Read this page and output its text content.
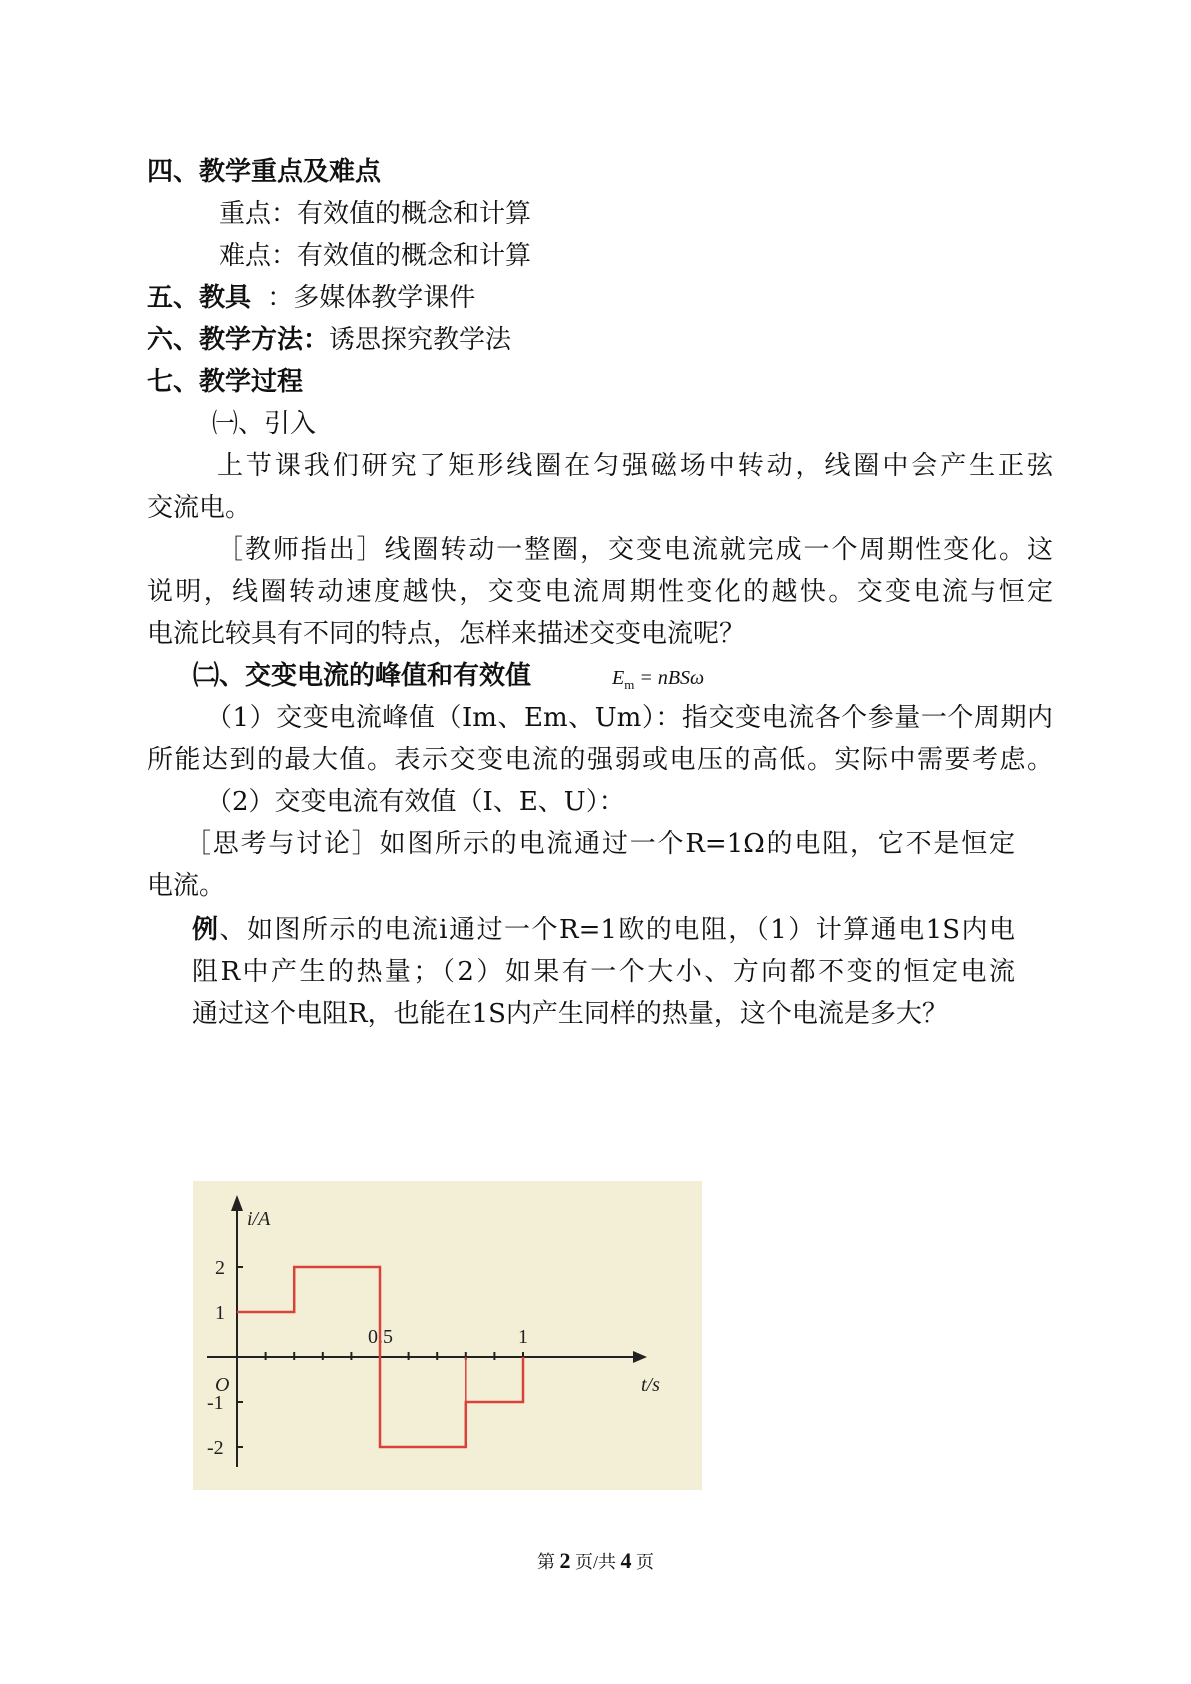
四、教学重点及难点
重点：有效值的概念和计算
难点：有效值的概念和计算
五、教具 ：多媒体教学课件
六、教学方法：诱思探究教学法
七、教学过程
㈠、引入
上节课我们研究了矩形线圈在匀强磁场中转动，线圈中会产生正弦
交流电。
［教师指出］线圈转动一整圈，交变电流就完成一个周期性变化。这
说明，线圈转动速度越快，交变电流周期性变化的越快。交变电流与恒定
电流比较具有不同的特点，怎样来描述交变电流呢？
㈡、交变电流的峰值和有效值	$E_m = nBS\omega$
（1）交变电流峰值（Im、Em、Um）：指交变电流各个参量一个周期内
所能达到的最大值。表示交变电流的强弱或电压的高低。实际中需要考虑。
（2）交变电流有效值（I、E、U）：
［思考与讨论］如图所示的电流通过一个R=1Ω的电阻，它不是恒定
电流。
例、如图所示的电流i通过一个R=1欧的电阻，（1）计算通电1S内电
阻R中产生的热量；（2）如果有一个大小、方向都不变的恒定电流
通过这个电阻R，也能在1S内产生同样的热量，这个电流是多大？
i/A
t/s
O
0.5	1
2
1
-1
-2
第 2 页/共 4 页
